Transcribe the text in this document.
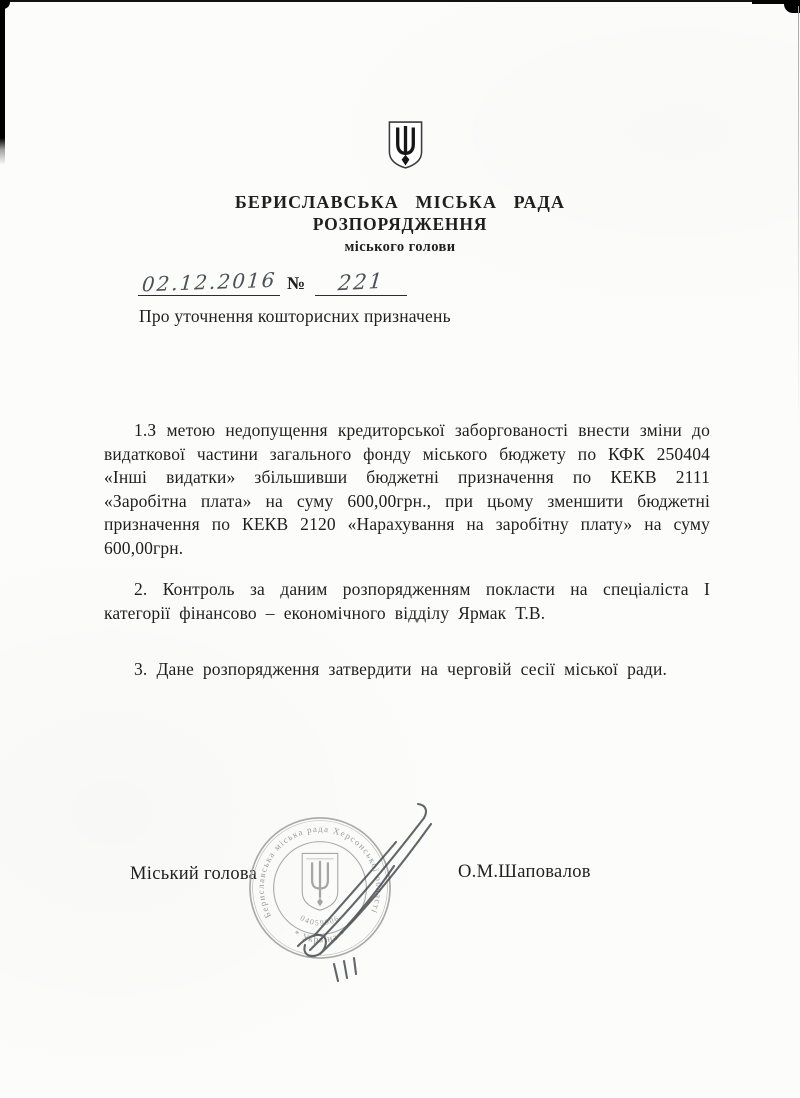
БЕРИСЛАВСЬКА МІСЬКА РАДА
РОЗПОРЯДЖЕННЯ
міського голови
02.12.2016 № 221
Про уточнення кошторисних призначень

1.З метою недопущення кредиторської заборгованості внести зміни до видаткової частини загального фонду міського бюджету по КФК 250404 «Інші видатки» збільшивши бюджетні призначення по КЕКВ 2111 «Заробітна плата» на суму 600,00грн., при цьому зменшити бюджетні призначення по КЕКВ 2120 «Нарахування на заробітну плату» на суму 600,00грн.

2. Контроль за даним розпорядженням покласти на спеціаліста І категорії фінансово – економічного відділу Ярмак Т.В.

3. Дане розпорядження затвердити на черговій сесії міської ради.

Міський голова	О.М.Шаповалов
Бериславська міська рада Херсонської області
* Україна *
04059906
